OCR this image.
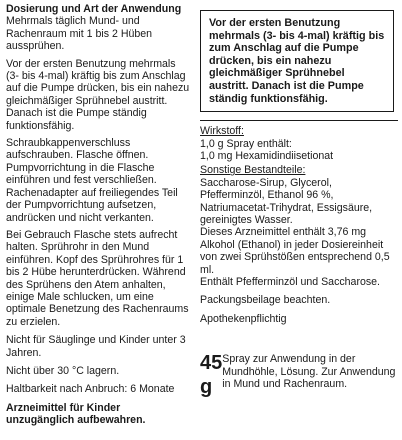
Dosierung und Art der Anwendung

Mehrmals täglich Mund- und Rachenraum mit 1 bis 2 Hüben aussprühen.

Vor der ersten Benutzung mehrmals (3- bis 4-mal) kräftig bis zum Anschlag auf die Pumpe drücken, bis ein nahezu gleichmäßiger Sprühnebel austritt. Danach ist die Pumpe ständig funktionsfähig.

Schraubkappenverschluss aufschrauben. Flasche öffnen. Pumpvorrichtung in die Flasche einführen und fest verschließen. Rachenadapter auf freiliegendes Teil der Pumpvorrichtung aufsetzen, andrücken und nicht verkanten.

Bei Gebrauch Flasche stets aufrecht halten. Sprührohr in den Mund einführen. Kopf des Sprührohres für 1 bis 2 Hübe herunterdrücken. Während des Sprühens den Atem anhalten, einige Male schlucken, um eine optimale Benetzung des Rachenraums zu erzielen.

Nicht für Säuglinge und Kinder unter 3 Jahren.

Nicht über 30 °C lagern.

Haltbarkeit nach Anbruch: 6 Monate

Arzneimittel für Kinder unzugänglich aufbewahren.

Vor der ersten Benutzung mehrmals (3- bis 4-mal) kräftig bis zum Anschlag auf die Pumpe drücken, bis ein nahezu gleichmäßiger Sprühnebel austritt. Danach ist die Pumpe ständig funktionsfähig.

Wirkstoff:

1,0 g Spray enthält:

1,0 mg Hexamidindiisetionat

Sonstige Bestandteile:

Saccharose-Sirup, Glycerol, Pfefferminzöl, Ethanol 96 %, Natriumacetat-Trihydrat, Essigsäure, gereinigtes Wasser.

Dieses Arzneimittel enthält 3,76 mg Alkohol (Ethanol) in jeder Dosiereinheit von zwei Sprühstößen entsprechend 0,5 ml.

Enthält Pfefferminzöl und Saccharose.

Packungsbeilage beachten.

Apothekenpflichtig

45 g
Spray zur Anwendung in der Mundhöhle, Lösung. Zur Anwendung in Mund und Rachenraum.
